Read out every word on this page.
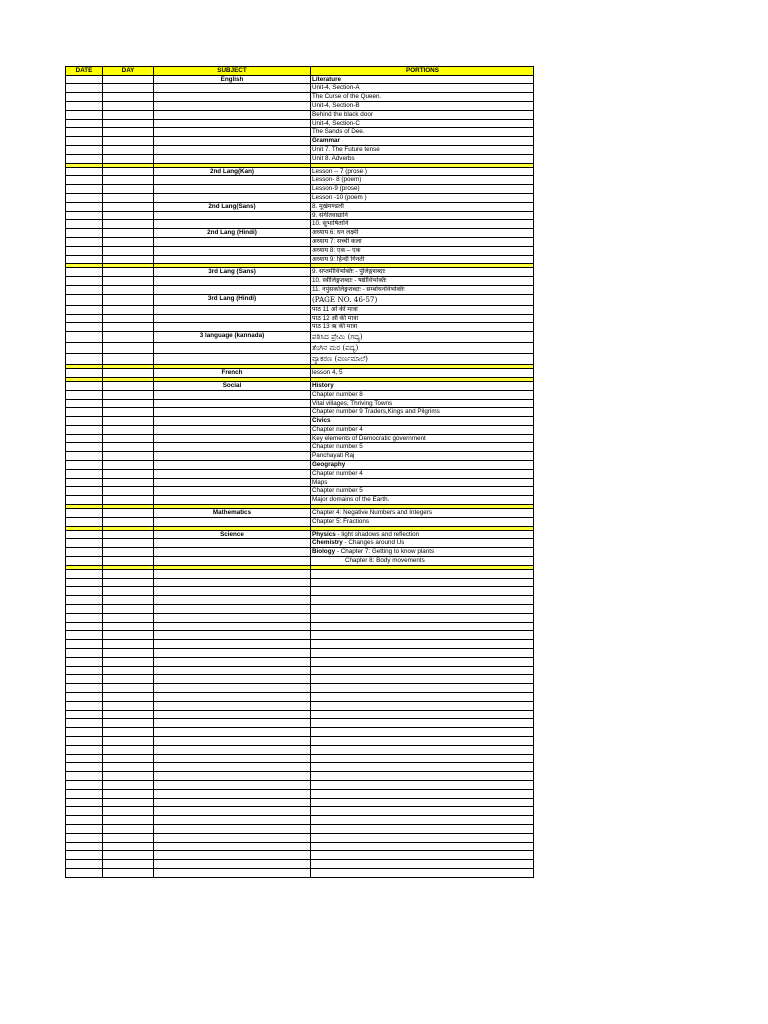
DATE	DAY	SUBJECT	PORTIONS
English	Literature
Unit-4, Section-A
The Curse of the Queen.
Unit-4, Section-B
Behind the black door
Unit-4, Section-C
The Sands of Dee.
Grammar
Unit 7. The Future tense
Unit 8. Adverbs
2nd Lang(Kan)	Lesson -- 7 (prose )
Lesson- 8 (poem)
Lesson-9 (prose)
Lesson -10 (poem )
2nd Lang(Sans)	8. मूर्खमण्डली
9. संगीतवाद्यानि
10. सुभाषितानि
2nd Lang (Hindi)	अध्याय 6: धन लक्ष्मी
अध्याय 7: सच्ची कला
अध्याय 8: एक – एक
अध्याय 9: हिन्दी गिनती
3rd Lang (Sans)	9. सप्तमीविभक्तिः - पुंलिङ्गशब्दाः
10. स्त्रीलिङ्गशब्दाः - षष्ठीविभक्तिः
11. नपुंसकलिङ्गशब्दाः - सम्बोधनविभक्तिः
3rd Lang (Hindi)	(PAGE NO. 46-57)
पाठ 11 ओ की मात्रा
पाठ 12 औ की मात्रा
पाठ 13 ऋ की मात्रा
3 language (kannada)	ಪಠಿಸಿದ ಪ್ರೇಮಿ (ಗದ್ಯ)
ತೆಂಗಿನ ಮರ (ಪದ್ಯ)
ವ್ಯಾಕರಣ (ವರ್ಣಮಾಲೆ)
French	lesson 4, 5
Social	History
Chapter number 8
Vital villages, Thriving Towns
Chapter number 9 Traders,Kings and Pilgrims
Civics
Chapter number 4
Key elements of Democratic government
Chapter number 5
Panchayati Raj
Geography
Chapter number 4
Maps
Chapter number 5
Major domains of the Earth.
Mathematics	Chapter 4: Negative Numbers and Integers
Chapter 5: Fractions
Science	Physics - light shadows and reflection
Chemistry - Changes around Us
Biology - Chapter 7: Getting to know plants
Chapter 8: Body movements
